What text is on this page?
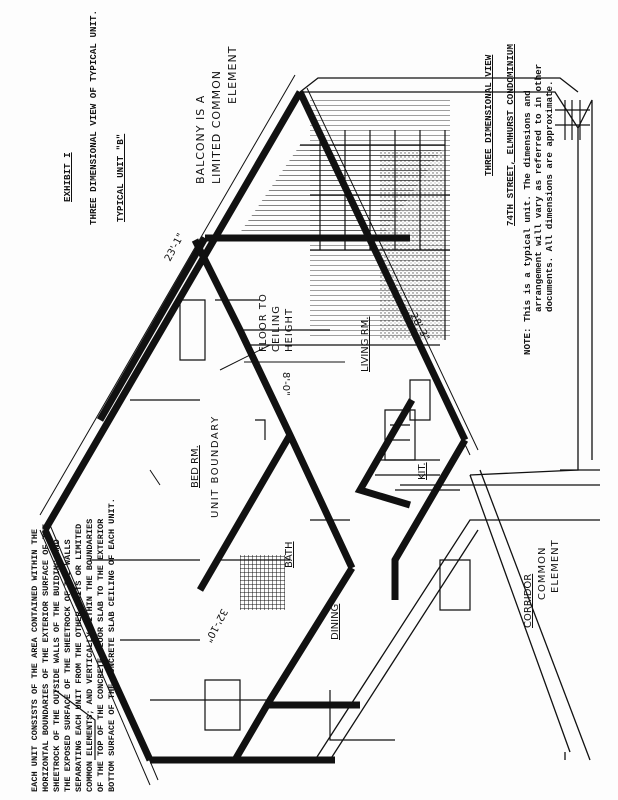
BALCONY IS A LIMITED COMMON ELEMENT
23'-1"
28'-3"
32'-10"
FLOOR TO CEILING HEIGHT
8'-0"
LIVING RM.
BED RM. UNIT BOUNDARY
BATH
DINING
KIT.
CORRIDOR
COMMON ELEMENT
EXHIBIT I THREE DIMENSIONAL VIEW OF TYPICAL UNIT. TYPICAL UNIT "B"
THREE DIMENSIONAL VIEW 74TH STREET, ELMHURST CONDOMINIUM NOTE: This is a typical unit. The dimensions and arrangement will vary as referred to in other documents. All dimensions are approximate.
EACH UNIT CONSISTS OF THE AREA CONTAINED WITHIN THE HORIZONTAL BOUNDARIES OF THE EXTERIOR SURFACE OF THE SHEETROCK OF THE OUTSIDE WALLS OF THE BUIDING AND THE EXPOSED SURFACE OF THE SHEETROCK OF THE WALLS SEPARATING EACH UNIT FROM THE OTHER UNITS OR LIMITED COMMON ELEMENTS; AND VERTICALLY WITHIN THE BOUNDARIES OF THE TOP OF THE CONCRETE FLOOR SLAB TO THE EXTERIOR BOTTOM SURFACE OF THE CONCRETE SLAB CEILING OF EACH UNIT.
